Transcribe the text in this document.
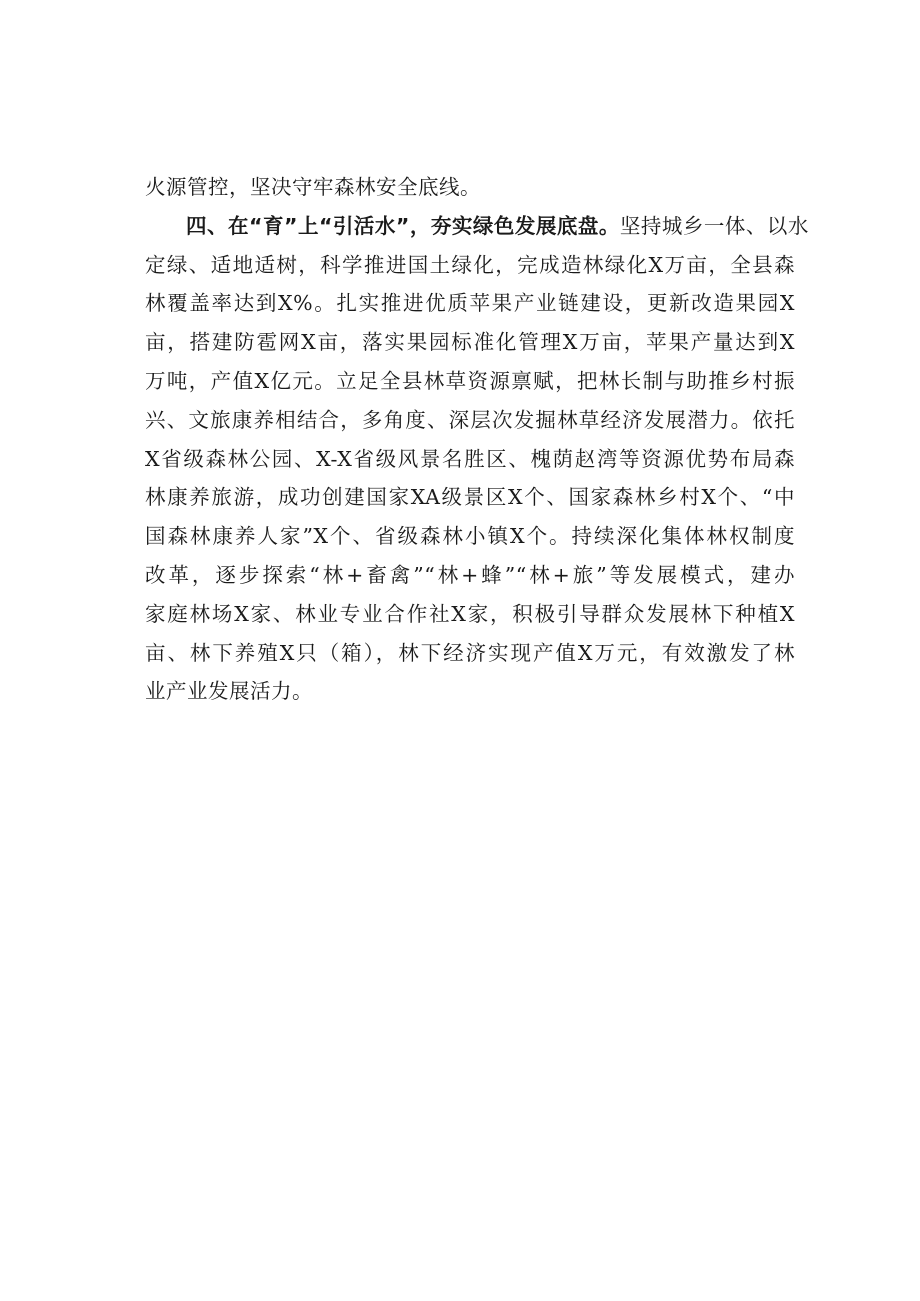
火源管控，坚决守牢森林安全底线。
四、在“育”上“引活水”，夯实绿色发展底盘。坚持城乡一体、以水
定绿、适地适树，科学推进国土绿化，完成造林绿化X万亩，全县森
林覆盖率达到X%。扎实推进优质苹果产业链建设，更新改造果园X
亩，搭建防雹网X亩，落实果园标准化管理X万亩，苹果产量达到X
万吨，产值X亿元。立足全县林草资源禀赋，把林长制与助推乡村振
兴、文旅康养相结合，多角度、深层次发掘林草经济发展潜力。依托
X省级森林公园、X-X省级风景名胜区、槐荫赵湾等资源优势布局森
林康养旅游，成功创建国家XA级景区X个、国家森林乡村X个、“中
国森林康养人家”X个、省级森林小镇X个。持续深化集体林权制度
改革，逐步探索“林+畜禽”“林+蜂”“林+旅”等发展模式，建办
家庭林场X家、林业专业合作社X家，积极引导群众发展林下种植X
亩、林下养殖X只（箱），林下经济实现产值X万元，有效激发了林
业产业发展活力。
